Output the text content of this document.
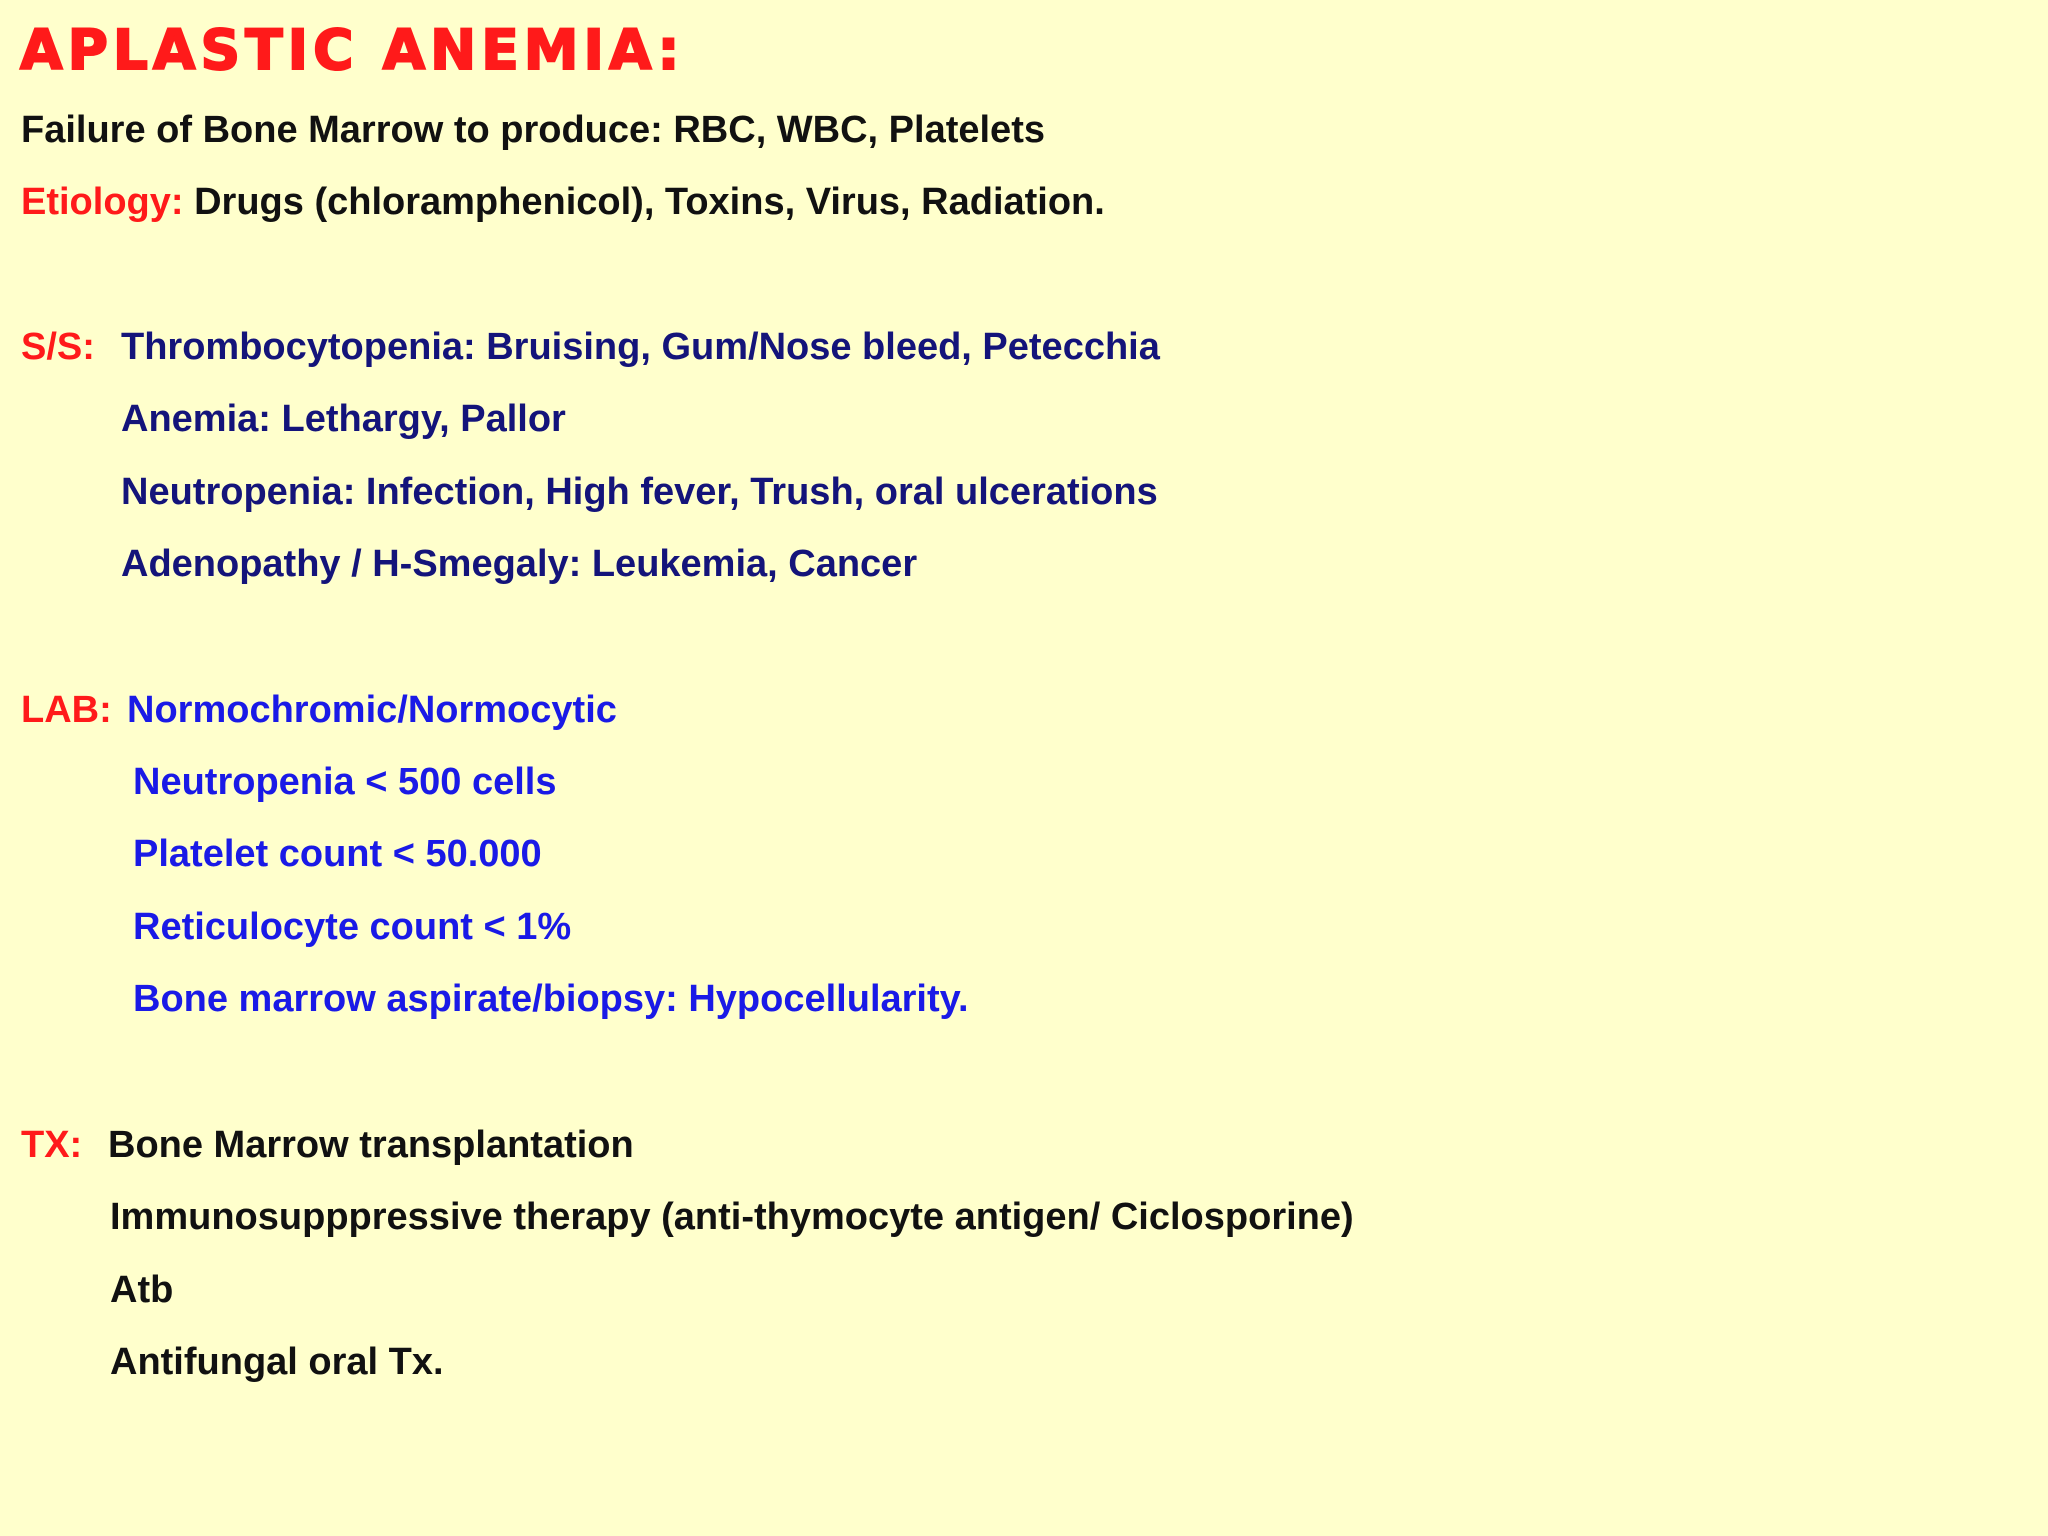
APLASTIC ANEMIA:
Failure of Bone Marrow to produce: RBC, WBC, Platelets
Etiology: Drugs (chloramphenicol), Toxins, Virus, Radiation.
S/S: Thrombocytopenia: Bruising, Gum/Nose bleed, Petecchia
Anemia: Lethargy, Pallor
Neutropenia: Infection, High fever, Trush, oral ulcerations
Adenopathy / H-Smegaly: Leukemia, Cancer
LAB: Normochromic/Normocytic
Neutropenia < 500 cells
Platelet count < 50.000
Reticulocyte count < 1%
Bone marrow aspirate/biopsy: Hypocellularity.
TX: Bone Marrow transplantation
Immunosupppressive therapy (anti-thymocyte antigen/ Ciclosporine)
Atb
Antifungal oral Tx.
